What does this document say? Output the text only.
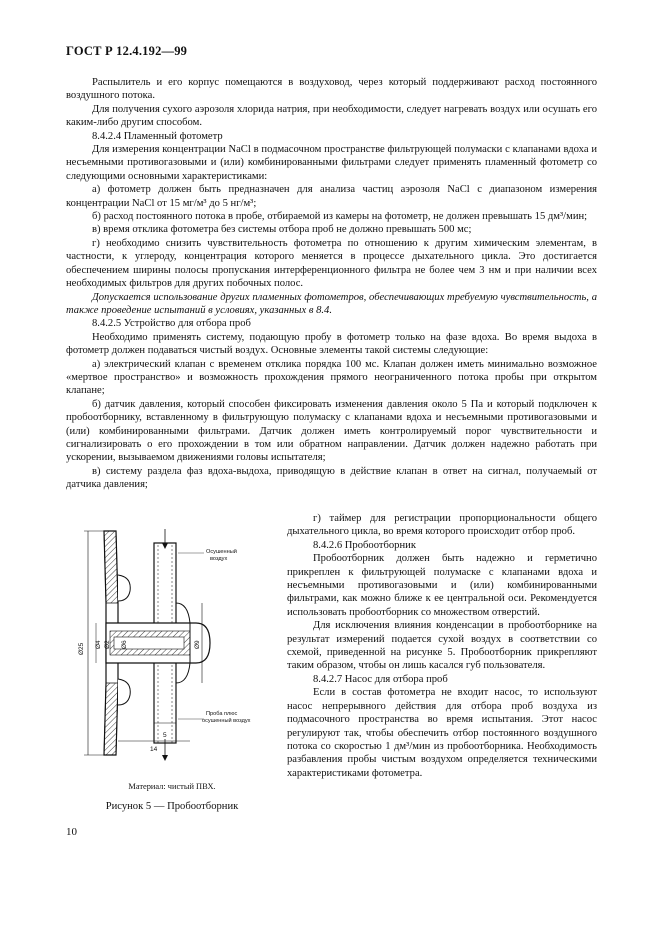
ГОСТ Р 12.4.192—99

Распылитель и его корпус помещаются в воздуховод, через который поддерживают расход постоянного воздушного потока.

Для получения сухого аэрозоля хлорида натрия, при необходимости, следует нагревать воздух или осушать его каким-либо другим способом.

8.4.2.4 Пламенный фотометр

Для измерения концентрации NaCl в подмасочном пространстве фильтрующей полумаски с клапанами вдоха и несъемными противогазовыми и (или) комбинированными фильтрами следует применять пламенный фотометр со следующими основными характеристиками:

а) фотометр должен быть предназначен для анализа частиц аэрозоля NaCl с диапазоном измерения концентрации NaCl от 15 мг/м³ до 5 нг/м³;

б) расход постоянного потока в пробе, отбираемой из камеры на фотометр, не должен превышать 15 дм³/мин;

в) время отклика фотометра без системы отбора проб не должно превышать 500 мс;

г) необходимо снизить чувствительность фотометра по отношению к другим химическим элементам, в частности, к углероду, концентрация которого меняется в процессе дыхательного цикла. Это достигается обеспечением ширины полосы пропускания интерференционного фильтра не более чем 3 нм и при наличии всех необходимых фильтров для других побочных полос.

Допускается использование других пламенных фотометров, обеспечивающих требуемую чувствительность, а также проведение испытаний в условиях, указанных в 8.4.

8.4.2.5 Устройство для отбора проб

Необходимо применять систему, подающую пробу в фотометр только на фазе вдоха. Во время выдоха в фотометр должен подаваться чистый воздух. Основные элементы такой системы следующие:

а) электрический клапан с временем отклика порядка 100 мс. Клапан должен иметь минимально возможное «мертвое пространство» и возможность прохождения прямого неограниченного потока пробы при открытом клапане;

б) датчик давления, который способен фиксировать изменения давления около 5 Па и который подключен к пробоотборнику, вставленному в фильтрующую полумаску с клапанами вдоха и несъемными противогазовыми и (или) комбинированными фильтрами. Датчик должен иметь контролируемый порог чувствительности и сигнализировать о его прохождении в том или обратном направлении. Датчик должен надежно работать при ускорении, вызываемом движениями головы испытателя;

в) систему раздела фаз вдоха-выдоха, приводящую в действие клапан в ответ на сигнал, получаемый от датчика давления;

Осушенный
воздух
Проба плюс
осушенный воздух
Ø25 Ø4 Ø2 Ø6	Ø9
5
14
Материал: чистый ПВХ.
Рисунок 5 — Пробоотборник

г) таймер для регистрации пропорциональности общего дыхательного цикла, во время которого происходит отбор проб.

8.4.2.6 Пробоотборник

Пробоотборник должен быть надежно и герметично прикреплен к фильтрующей полумаске с клапанами вдоха и несъемными противогазовыми и (или) комбинированными фильтрами, как можно ближе к ее центральной оси. Рекомендуется использовать пробоотборник со множеством отверстий.

Для исключения влияния конденсации в пробоотборнике на результат измерений подается сухой воздух в соответствии со схемой, приведенной на рисунке 5. Пробоотборник прикрепляют таким образом, чтобы он лишь касался губ пользователя.

8.4.2.7 Насос для отбора проб

Если в состав фотометра не входит насос, то используют насос непрерывного действия для отбора проб воздуха из подмасочного пространства во время испытания. Этот насос регулируют так, чтобы обеспечить отбор постоянного воздушного потока со скоростью 1 дм³/мин из пробоотборника. Необходимость разбавления пробы чистым воздухом определяется техническими характеристиками фотометра.

10
